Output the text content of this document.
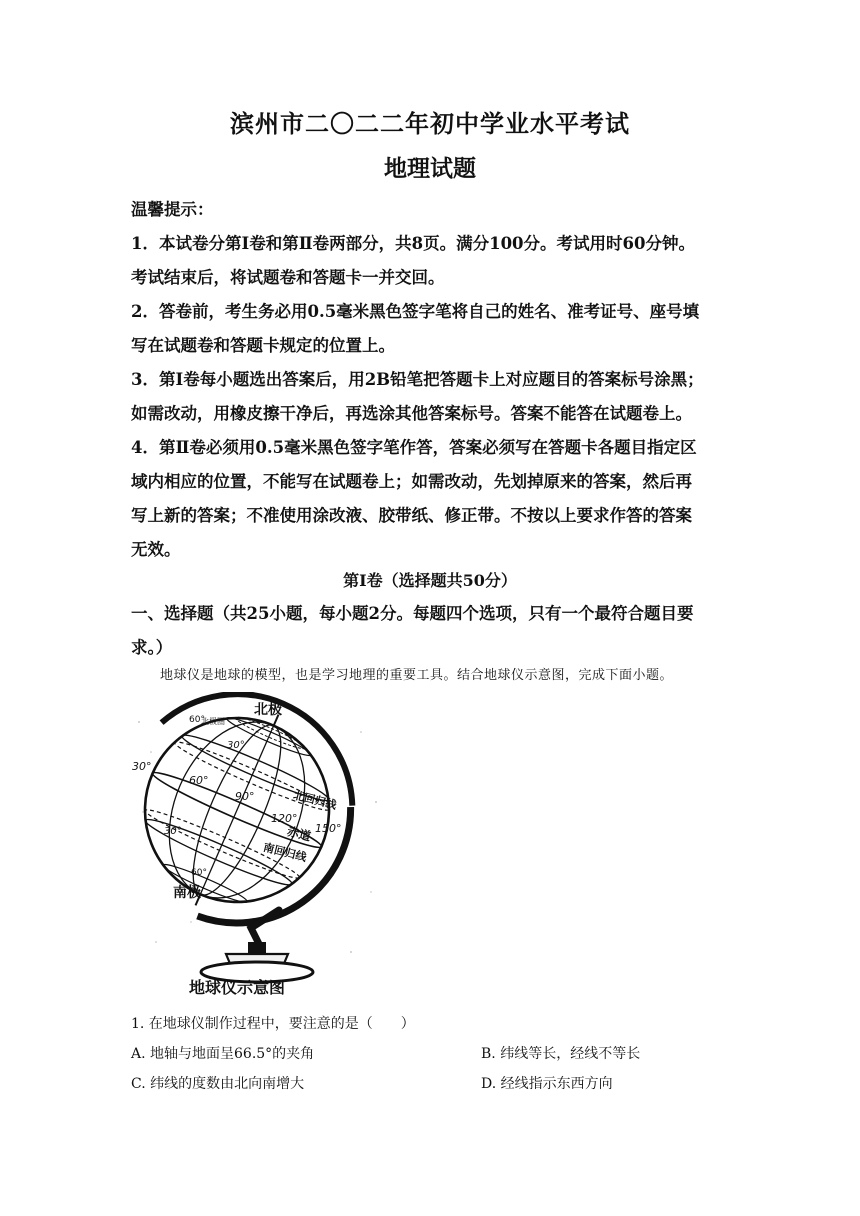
滨州市二〇二二年初中学业水平考试
地理试题
温馨提示：
1．本试卷分第Ⅰ卷和第Ⅱ卷两部分，共8页。满分100分。考试用时60分钟。
考试结束后，将试题卷和答题卡一并交回。
2．答卷前，考生务必用0.5毫米黑色签字笔将自己的姓名、准考证号、座号填
写在试题卷和答题卡规定的位置上。
3．第Ⅰ卷每小题选出答案后，用2B铅笔把答题卡上对应题目的答案标号涂黑；
如需改动，用橡皮擦干净后，再选涂其他答案标号。答案不能答在试题卷上。
4．第Ⅱ卷必须用0.5毫米黑色签字笔作答，答案必须写在答题卡各题目指定区
域内相应的位置，不能写在试题卷上；如需改动，先划掉原来的答案，然后再
写上新的答案；不准使用涂改液、胶带纸、修正带。不按以上要求作答的答案
无效。
第Ⅰ卷（选择题共50分）
一、选择题（共25小题，每小题2分。每题四个选项，只有一个最符合题目要
求。）
地球仪是地球的模型，也是学习地理的重要工具。结合地球仪示意图，完成下面小题。
北极
60°
北极圈
30°
30°
60°
90°	北回归线
120°
150°
赤道
30°
南回归线
60°
南极
地球仪示意图
1. 在地球仪制作过程中，要注意的是（　　）
A. 地轴与地面呈66.5°的夹角	B. 纬线等长，经线不等长
C. 纬线的度数由北向南增大	D. 经线指示东西方向
